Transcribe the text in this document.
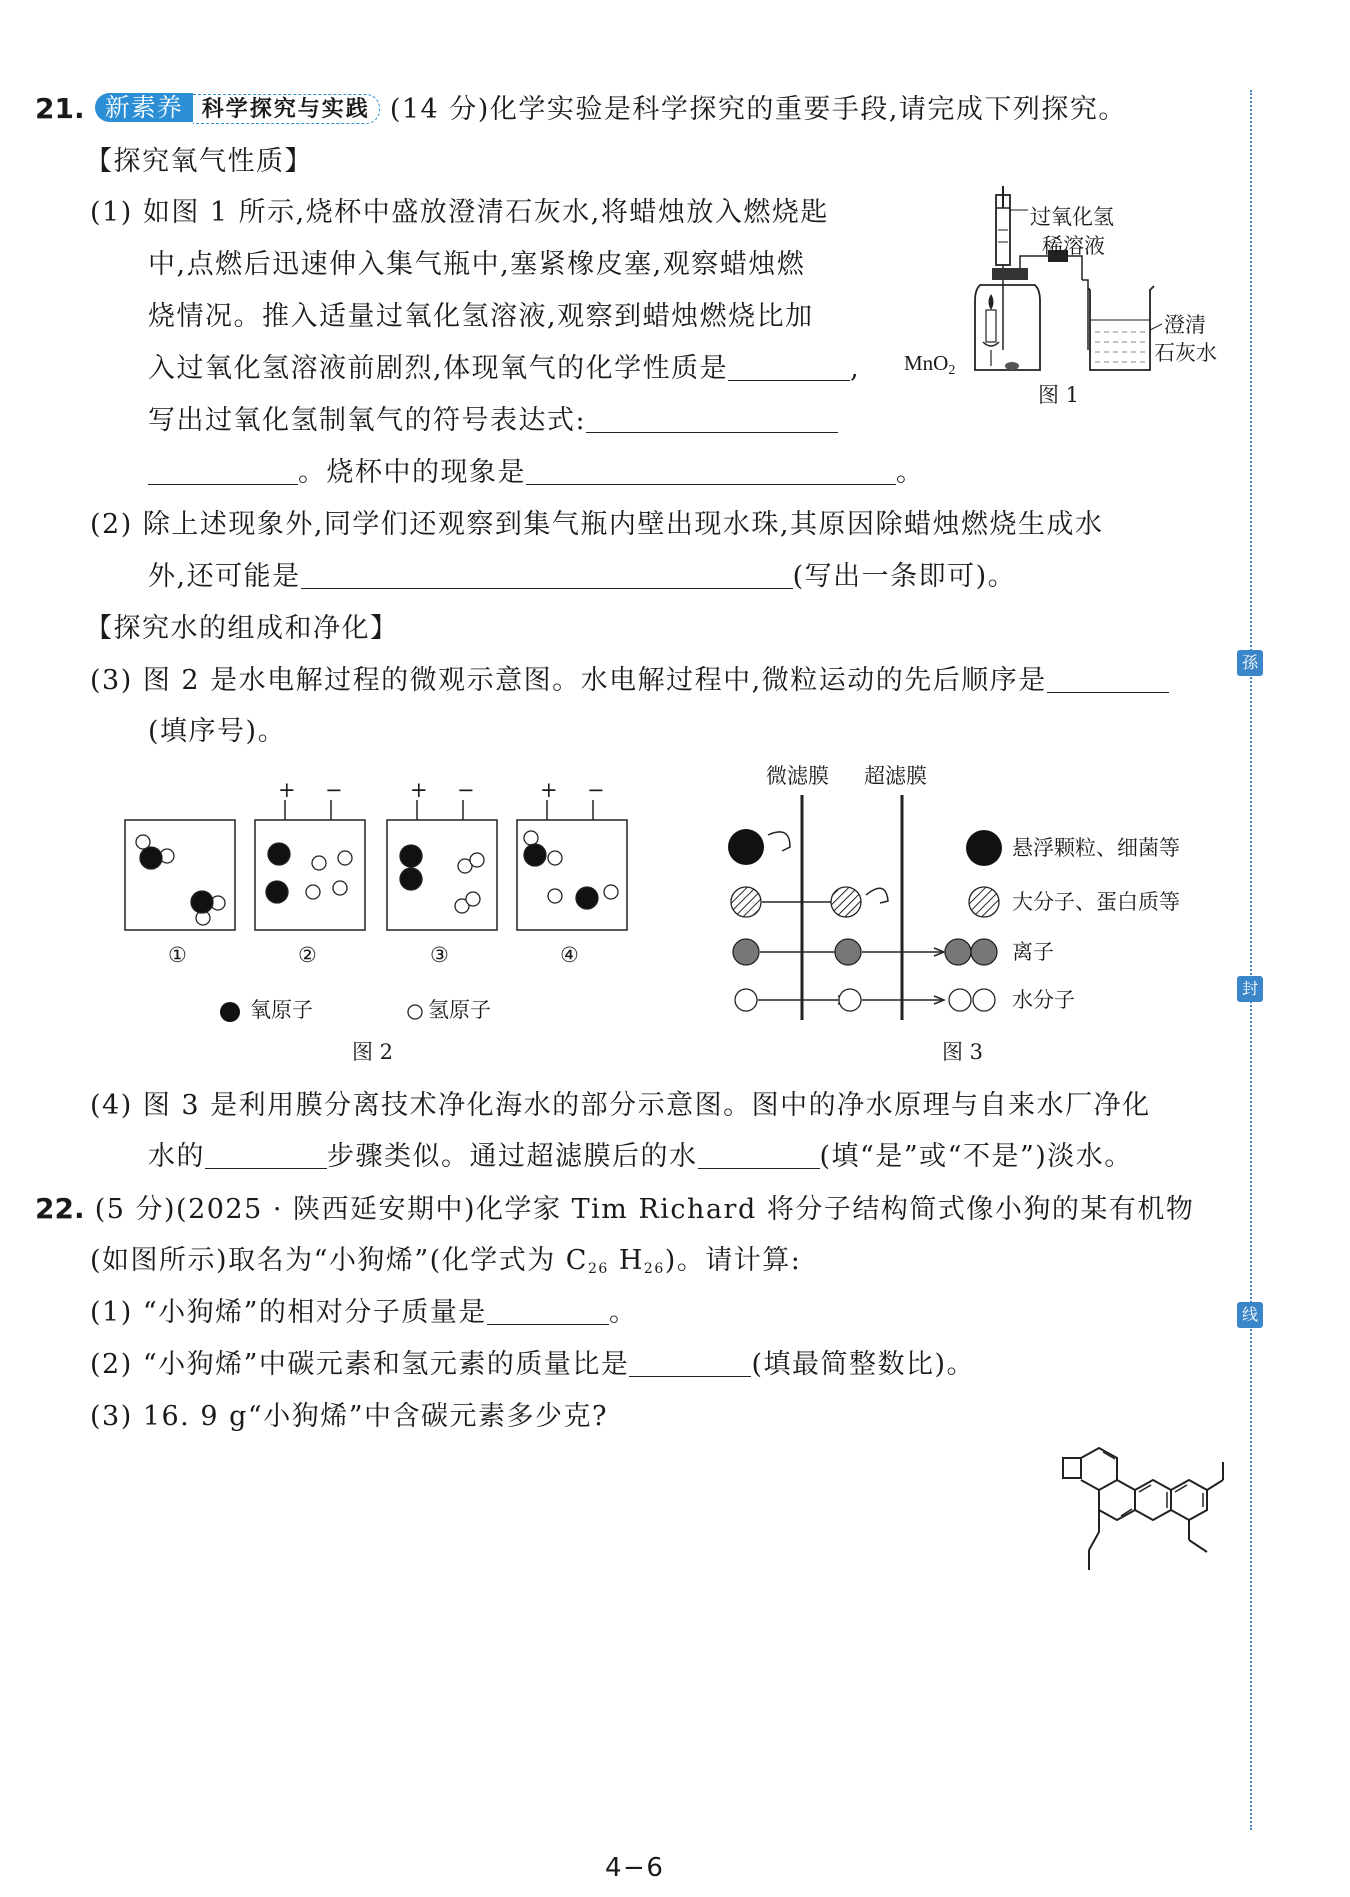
21. 新素养 科学探究与实践 (14 分)化学实验是科学探究的重要手段,请完成下列探究。
【探究氧气性质】
(1) 如图 1 所示,烧杯中盛放澄清石灰水,将蜡烛放入燃烧匙
中,点燃后迅速伸入集气瓶中,塞紧橡皮塞,观察蜡烛燃
烧情况。推入适量过氧化氢溶液,观察到蜡烛燃烧比加
入过氧化氢溶液前剧烈,体现氧气的化学性质是	,
写出过氧化氢制氧气的符号表达式:
。烧杯中的现象是	。
过氧化氢
稀溶液
MnO$_2$
澄清
石灰水
图 1
(2) 除上述现象外,同学们还观察到集气瓶内壁出现水珠,其原因除蜡烛燃烧生成水
外,还可能是	(写出一条即可)。
【探究水的组成和净化】
(3) 图 2 是水电解过程的微观示意图。水电解过程中,微粒运动的先后顺序是
(填序号)。
+ −	+ −	+ −
①	②	③	④
氧原子	氢原子
图 2
微滤膜 超滤膜
悬浮颗粒、细菌等
大分子、蛋白质等
离子
水分子
图 3
(4) 图 3 是利用膜分离技术净化海水的部分示意图。图中的净水原理与自来水厂净化
水的	步骤类似。通过超滤膜后的水	(填“是”或“不是”)淡水。
22. (5 分)(2025 · 陕西延安期中)化学家 Tim Richard 将分子结构简式像小狗的某有机物
(如图所示)取名为“小狗烯”(化学式为 $C_{26}$ $H_{26}$)。请计算:
(1) “小狗烯”的相对分子质量是	。
(2) “小狗烯”中碳元素和氢元素的质量比是	(填最简整数比)。
(3) 16. 9 g“小狗烯”中含碳元素多少克?
孫
封
线
4−6
